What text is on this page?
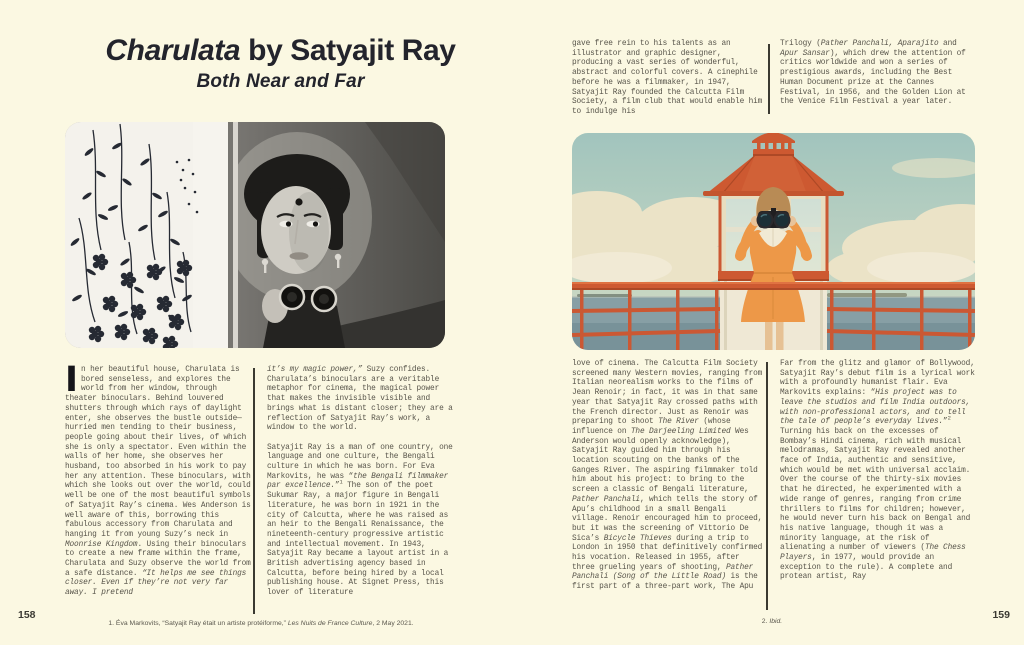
Charulata by Satyajit Ray
Both Near and Far
I n her beautiful house, Charulata is bored senseless, and explores the world from her window, through theater binoculars. Behind louvered shutters through which rays of daylight enter, she observes the bustle outside—hurried men tending to their business, people going about their lives, of which she is only a spectator. Even within the walls of her home, she observes her husband, too absorbed in his work to pay her any attention. These binoculars, with which she looks out over the world, could well be one of the most beautiful symbols of Satyajit Ray’s cinema. Wes Anderson is well aware of this, borrowing this fabulous accessory from Charulata and hanging it from young Suzy’s neck in Moonrise Kingdom. Using their binoculars to create a new frame within the frame, Charulata and Suzy observe the world from a safe distance. “It helps me see things closer. Even if they’re not very far away. I pretend

it’s my magic power,” Suzy confides. Charulata’s binoculars are a veritable metaphor for cinema, the magical power that makes the invisible visible and brings what is distant closer; they are a reflection of Satyajit Ray’s work, a window to the world.

Satyajit Ray is a man of one country, one language and one culture, the Bengali culture in which he was born. For Eva Markovits, he was “the Bengali filmmaker par excellence.”$^1$ The son of the poet Sukumar Ray, a major figure in Bengali literature, he was born in 1921 in the city of Calcutta, where he was raised as an heir to the Bengali Renaissance, the nineteenth-century progressive artistic and intellectual movement. In 1943, Satyajit Ray became a layout artist in a British advertising agency based in Calcutta, before being hired by a local publishing house. At Signet Press, this lover of literature

1. Éva Markovits, “Satyajit Ray était un artiste protéiforme,” Les Nuits de France Culture, 2 May 2021.

158

gave free rein to his talents as an illustrator and graphic designer, producing a vast series of wonderful, abstract and colorful covers. A cinephile before he was a filmmaker, in 1947, Satyajit Ray founded the Calcutta Film Society, a film club that would enable him to indulge his

Trilogy (Pather Panchali, Aparajito and Apur Sansar), which drew the attention of critics worldwide and won a series of prestigious awards, including the Best Human Document prize at the Cannes Festival, in 1956, and the Golden Lion at the Venice Film Festival a year later.

love of cinema. The Calcutta Film Society screened many Western movies, ranging from Italian neorealism works to the films of Jean Renoir; in fact, it was in that same year that Satyajit Ray crossed paths with the French director. Just as Renoir was preparing to shoot The River (whose influence on The Darjeeling Limited Wes Anderson would openly acknowledge), Satyajit Ray guided him through his location scouting on the banks of the Ganges River. The aspiring filmmaker told him about his project: to bring to the screen a classic of Bengali literature, Pather Panchali, which tells the story of Apu’s childhood in a small Bengali village. Renoir encouraged him to proceed, but it was the screening of Vittorio De Sica’s Bicycle Thieves during a trip to London in 1950 that definitively confirmed his vocation. Released in 1955, after three grueling years of shooting, Pather Panchali (Song of the Little Road) is the first part of a three-part work, The Apu

Far from the glitz and glamor of Bollywood, Satyajit Ray’s debut film is a lyrical work with a profoundly humanist flair. Eva Markovits explains: “His project was to leave the studios and film India outdoors, with non-professional actors, and to tell the tale of people’s everyday lives.”$^2$ Turning his back on the excesses of Bombay’s Hindi cinema, rich with musical melodramas, Satyajit Ray revealed another face of India, authentic and sensitive, which would be met with universal acclaim. Over the course of the thirty-six movies that he directed, he experimented with a wide range of genres, ranging from crime thrillers to films for children; however, he would never turn his back on Bengal and his native language, though it was a minority language, at the risk of alienating a number of viewers (The Chess Players, in 1977, would provide an exception to the rule). A complete and protean artist, Ray

2. Ibid.

159
